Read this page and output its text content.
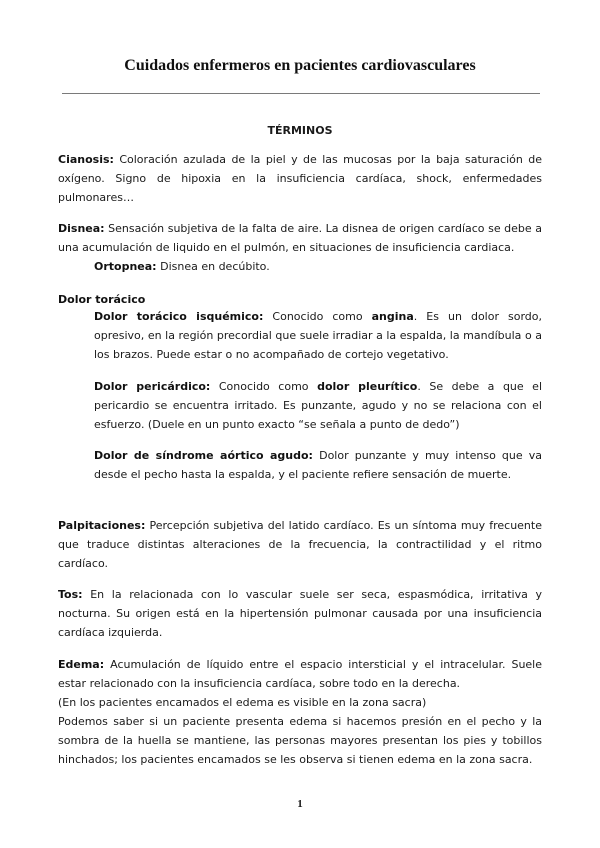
Cuidados enfermeros en pacientes cardiovasculares
TÉRMINOS
Cianosis: Coloración azulada de la piel y de las mucosas por la baja saturación de oxígeno. Signo de hipoxia en la insuficiencia cardíaca, shock, enfermedades pulmonares…
Disnea: Sensación subjetiva de la falta de aire. La disnea de origen cardíaco se debe a una acumulación de liquido en el pulmón, en situaciones de insuficiencia cardiaca.
Ortopnea: Disnea en decúbito.
Dolor torácico
Dolor torácico isquémico: Conocido como angina. Es un dolor sordo, opresivo, en la región precordial que suele irradiar a la espalda, la mandíbula o a los brazos. Puede estar o no acompañado de cortejo vegetativo.
Dolor pericárdico: Conocido como dolor pleurítico. Se debe a que el pericardio se encuentra irritado. Es punzante, agudo y no se relaciona con el esfuerzo. (Duele en un punto exacto “se señala a punto de dedo”)
Dolor de síndrome aórtico agudo: Dolor punzante y muy intenso que va desde el pecho hasta la espalda, y el paciente refiere sensación de muerte.
Palpitaciones: Percepción subjetiva del latido cardíaco. Es un síntoma muy frecuente que traduce distintas alteraciones de la frecuencia, la contractilidad y el ritmo cardíaco.
Tos: En la relacionada con lo vascular suele ser seca, espasmódica, irritativa y nocturna. Su origen está en la hipertensión pulmonar causada por una insuficiencia cardíaca izquierda.
Edema: Acumulación de líquido entre el espacio intersticial y el intracelular. Suele estar relacionado con la insuficiencia cardíaca, sobre todo en la derecha.
(En los pacientes encamados el edema es visible en la zona sacra)
Podemos saber si un paciente presenta edema si hacemos presión en el pecho y la sombra de la huella se mantiene, las personas mayores presentan los pies y tobillos hinchados; los pacientes encamados se les observa si tienen edema en la zona sacra.
1
